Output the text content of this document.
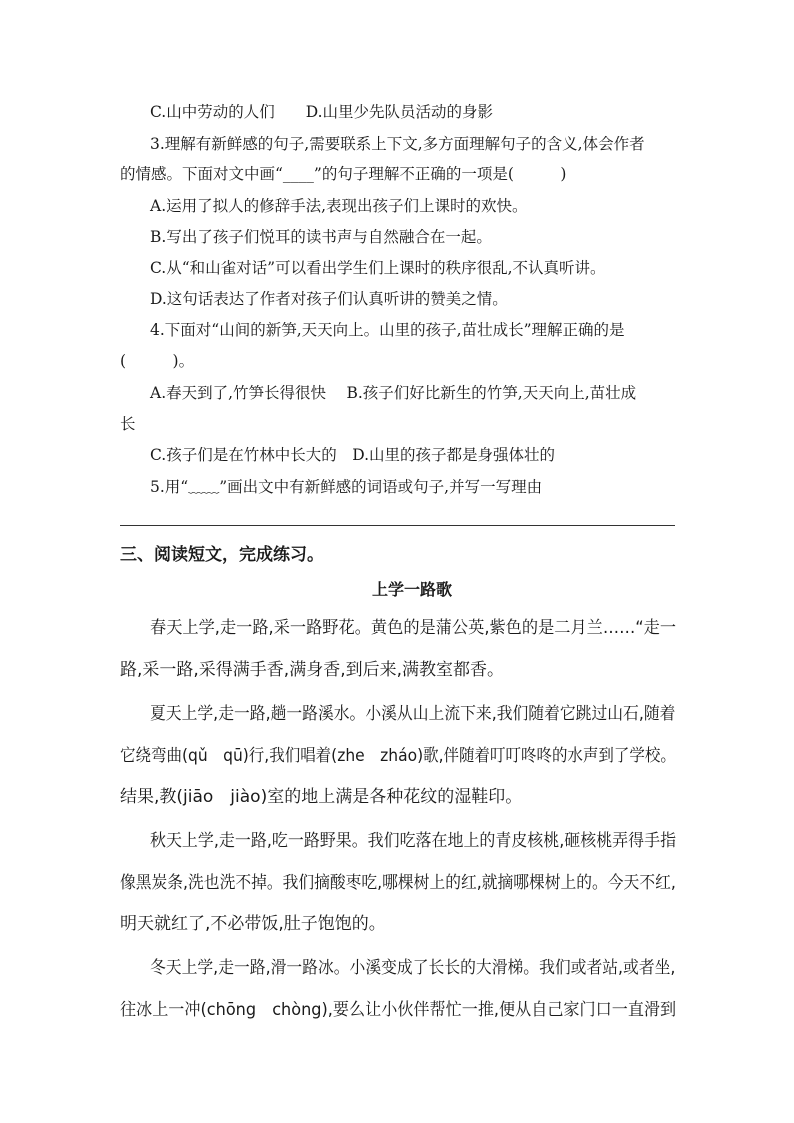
C.山中劳动的人们　　D.山里少先队员活动的身影
3.理解有新鲜感的句子,需要联系上下文,多方面理解句子的含义,体会作者
的情感。下面对文中画“____”的句子理解不正确的一项是(　　　)
A.运用了拟人的修辞手法,表现出孩子们上课时的欢快。
B.写出了孩子们悦耳的读书声与自然融合在一起。
C.从“和山雀对话”可以看出学生们上课时的秩序很乱,不认真听讲。
D.这句话表达了作者对孩子们认真听讲的赞美之情。
4.下面对“山间的新笋,天天向上。山里的孩子,苗壮成长”理解正确的是
(　　　)。
A.春天到了,竹笋长得很快　 B.孩子们好比新生的竹笋,天天向上,苗壮成
长
C.孩子们是在竹林中长大的　D.山里的孩子都是身强体壮的
5.用“﹏﹏”画出文中有新鲜感的词语或句子,并写一写理由
三、阅读短文，完成练习。
上学一路歌
春天上学,走一路,采一路野花。黄色的是蒲公英,紫色的是二月兰……“走一
路,采一路,采得满手香,满身香,到后来,满教室都香。
夏天上学,走一路,趟一路溪水。小溪从山上流下来,我们随着它跳过山石,随着
它绕弯曲(qǔ　qū)行,我们唱着(zhe　zháo)歌,伴随着叮叮咚咚的水声到了学校。
结果,教(jiāo　jiào)室的地上满是各种花纹的湿鞋印。
秋天上学,走一路,吃一路野果。我们吃落在地上的青皮核桃,砸核桃弄得手指
像黑炭条,洗也洗不掉。我们摘酸枣吃,哪棵树上的红,就摘哪棵树上的。今天不红,
明天就红了,不必带饭,肚子饱饱的。
冬天上学,走一路,滑一路冰。小溪变成了长长的大滑梯。我们或者站,或者坐,
往冰上一冲(chōng　chòng),要么让小伙伴帮忙一推,便从自己家门口一直滑到
